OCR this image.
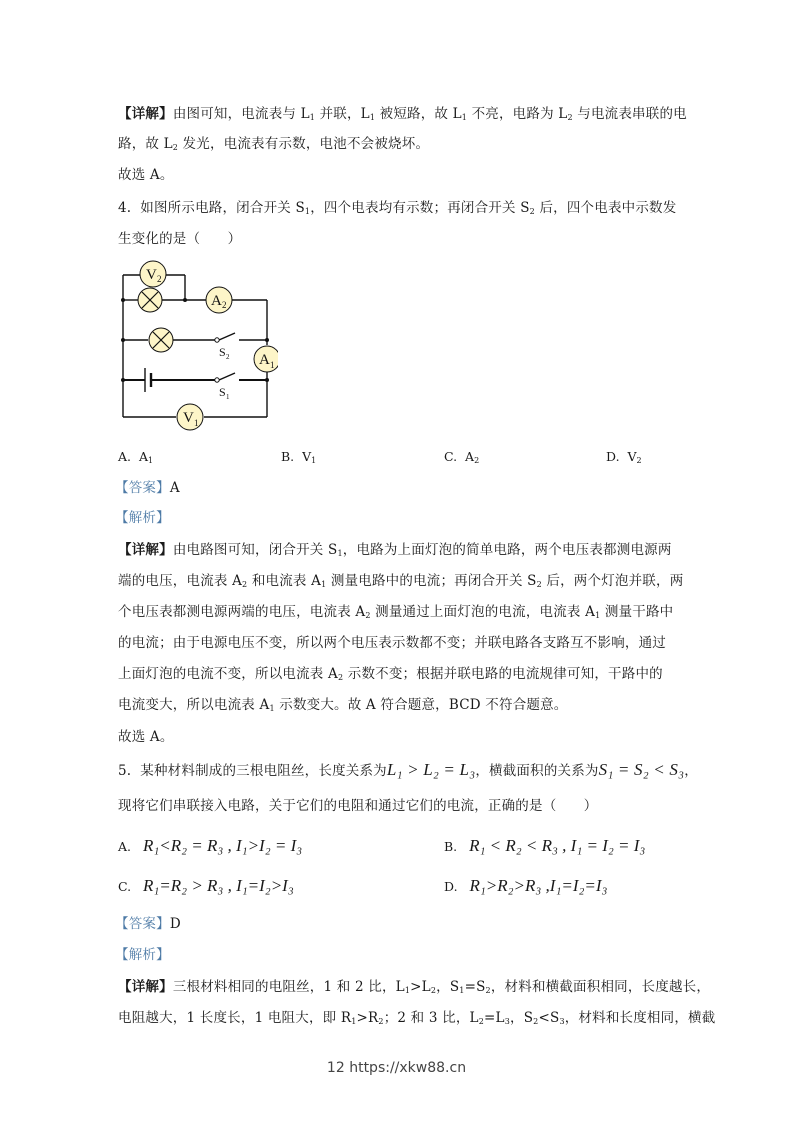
【详解】由图可知，电流表与 $L_1$ 并联，$L_1$ 被短路，故 $L_1$ 不亮，电路为 $L_2$ 与电流表串联的电
路，故 $L_2$ 发光，电流表有示数，电池不会被烧坏。
故选 A。
4. 如图所示电路，闭合开关 $S_1$，四个电表均有示数；再闭合开关 $S_2$ 后，四个电表中示数发
生变化的是（　　）
V 2
A 2
A 1
V 1
S 2
S 1
A. $A_1$	B. $V_1$	C. $A_2$	D. $V_2$
【答案】A
【解析】
【详解】由电路图可知，闭合开关 $S_1$，电路为上面灯泡的简单电路，两个电压表都测电源两
端的电压，电流表 $A_2$ 和电流表 $A_1$ 测量电路中的电流；再闭合开关 $S_2$ 后，两个灯泡并联，两
个电压表都测电源两端的电压，电流表 $A_2$ 测量通过上面灯泡的电流，电流表 $A_1$ 测量干路中
的电流；由于电源电压不变，所以两个电压表示数都不变；并联电路各支路互不影响，通过
上面灯泡的电流不变，所以电流表 $A_2$ 示数不变；根据并联电路的电流规律可知，干路中的
电流变大，所以电流表 $A_1$ 示数变大。故 A 符合题意，BCD 不符合题意。
故选 A。
5. 某种材料制成的三根电阻丝，长度关系为L₁ > L₂ = L₃，横截面积的关系为S₁ = S₂ < S₃，
现将它们串联接入电路，关于它们的电阻和通过它们的电流，正确的是（　　）
A. R₁<R₂ = R₃ , I₁>I₂ = I₃	B. R₁ < R₂ < R₃ , I₁ = I₂ = I₃
C. R₁=R₂ > R₃ , I₁=I₂>I₃	D. R₁>R₂>R₃ ,I₁=I₂=I₃
【答案】D
【解析】
【详解】三根材料相同的电阻丝，1 和 2 比，$L_1>L_2$，$S_1=S_2$，材料和横截面积相同，长度越长，
电阻越大，1 长度长，1 电阻大，即 $R_1>R_2$；2 和 3 比，$L_2=L_3$，$S_2<S_3$，材料和长度相同，横截
12 https://xkw88.cn
